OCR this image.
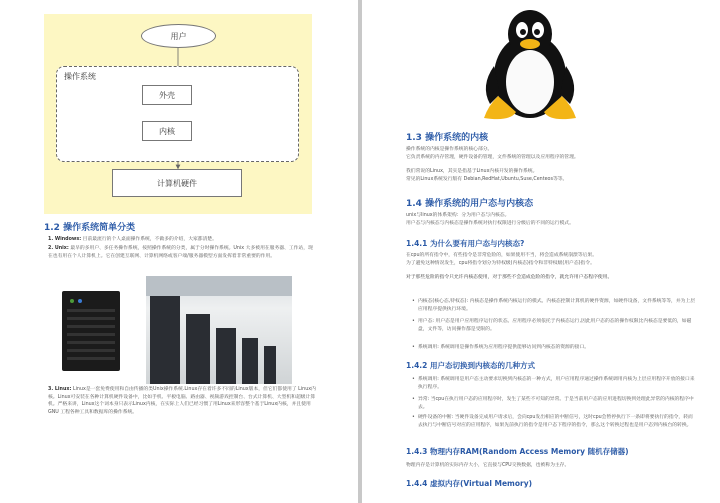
用户
操作系统
外壳
内核
计算机硬件
1.2 操作系统简单分类
1. Windows: 目前最流行的个人桌面操作系统，不做多的介绍，大家都清楚。
2. Unix: 最早的多用户、多任务操作系统，按照操作系统的分类，属于分时操作系统。Unix 大多被用在服务器、工作站，现在也有用在个人计算机上。它在创建互联网、计算机网络或客户端/服务器模型方面发挥着非常重要的作用。
3. Linux: Linux是一套免费使用和自由传播的类Unix操作系统.Linux存在着许多不同的Linux版本，但它们都使用了 Linux内核。Linux可安装在各种计算机硬件设备中，比如手机、平板电脑、路由器、视频游戏控制台、台式计算机、大型机和超级计算机。严格来讲，Linux这个词本身只表示Linux内核，在实际上人们已经习惯了用Linux来形容整个基于Linux内核，并且使用GNU 工程各种工具和数据库的操作系统。
1.3 操作系统的内核
操作系统的内核是操作系统的核心部分。
它负责系统的内存管理，硬件设备的管理，文件系统的管理以及应用程序的管理。
我们常说的Linux，其实是指基于Linux内核开发的操作系统。
常见的Linux系统发行版有 Debian,RedHat,Ubuntu,Suse,Centeos等等。
1.4 操作系统的用户态与内核态
unix与linux的体系架构：分为用户态与内核态。
用户态与内核态与内核态是操作系统对执行权限进行分级后的不同的运行模式。
1.4.1 为什么要有用户态与内核态?
在cpu的所有指令中，有些指令是非常危险的，如果使用不当，将会造成系统崩溃等后果。
为了避免这种情况发生，cpu将指令划分为特权级(内核态)指令和非特权级(用户态)指令。
对于那些危险的指令只允许内核态使用，对于那些不会造成危险的指令，就允许用户态程序使用。
• 内核态(核心态,特权态): 内核态是操作系统内核运行的模式。内核态控制计算机的硬件资源，如硬件设备，文件系统等等，并为上层应用程序提供执行环境。
• 用户态: 用户态是用户应用程序运行的状态。应用程序必须依托于内核态运行,因此用户态的态的操作权限比内核态是要低的，如磁盘，文件等，访问操作都是受限的。
• 系统调用: 系统调用是操作系统为应用程序提供能够访问到内核态的资源的接口。
1.4.2 用户态切换到内核态的几种方式
• 系统调用: 系统调用是用户态主动要求切换到内核态的一种方式，用户应用程序通过操作系统调用内核为上层应用程序开放的接口来执行程序。
• 异常: 当cpu在执行用户态的应用程序时，发生了某些不可知的异常。于是当前用户态的应用进程切换到处理此异常的内核的程序中去。
• 硬件设备的中断: 当硬件设备完成用户请求后，会向cpu发出相应的中断信号，这时cpu会暂停执行下一条即将要执行的指令，转而去执行与中断信号对应的应用程序，如果先前执行的指令是用户态下程序的指令，那么这个转换过程也是用户态到内核台的转换。
1.4.3 物理内存RAM(Random Access Memory 随机存储器)
物理内存是计算机的实际内存大小，它直接与CPU交换数据，也被称为主存。
1.4.4 虚拟内存(Virtual Memory)
